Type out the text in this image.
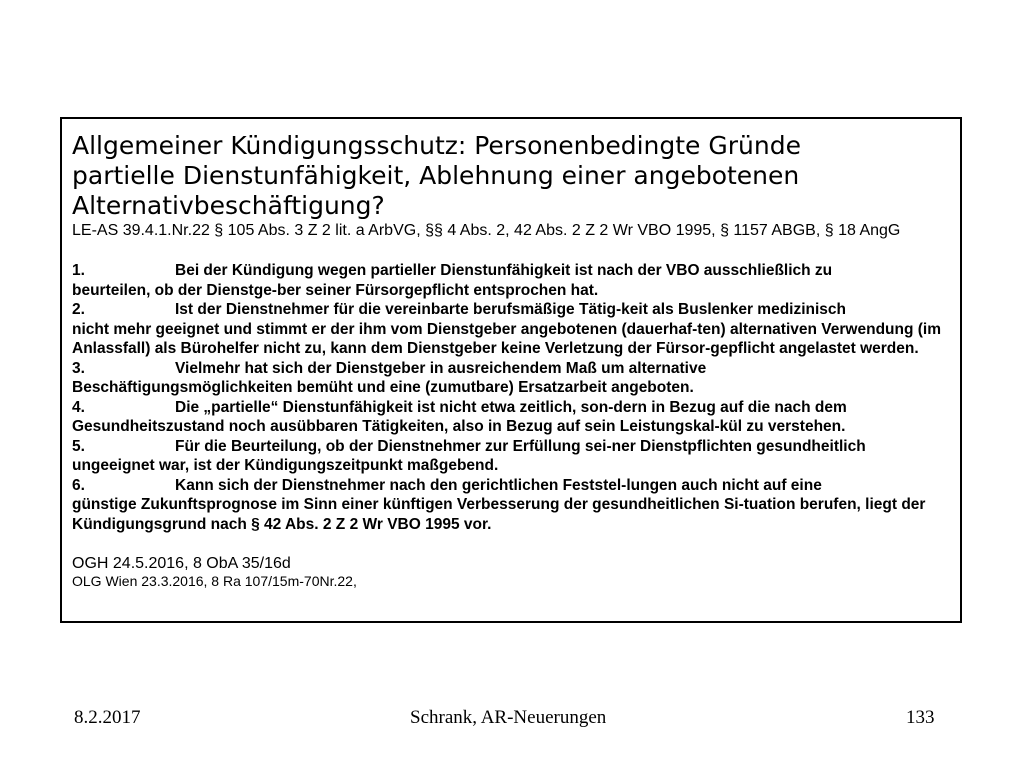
Allgemeiner Kündigungsschutz: Personenbedingte Gründe
partielle Dienstunfähigkeit, Ablehnung einer angebotenen
Alternativbeschäftigung?
LE-AS 39.4.1.Nr.22 § 105 Abs. 3 Z 2 lit. a ArbVG, §§ 4 Abs. 2, 42 Abs. 2 Z 2 Wr VBO 1995, § 1157 ABGB, § 18 AngG
1.	Bei der Kündigung wegen partieller Dienstunfähigkeit ist nach der VBO ausschließlich zu
beurteilen, ob der Dienstge-ber seiner Fürsorgepflicht entsprochen hat.
2.	Ist der Dienstnehmer für die vereinbarte berufsmäßige Tätig-keit als Buslenker medizinisch
nicht mehr geeignet und stimmt er der ihm vom Dienstgeber angebotenen (dauerhaf-ten) alternativen Verwendung (im Anlassfall) als Bürohelfer nicht zu, kann dem Dienstgeber keine Verletzung der Fürsor-gepflicht angelastet werden.
3.	Vielmehr hat sich der Dienstgeber in ausreichendem Maß um alternative
Beschäftigungsmöglichkeiten bemüht und eine (zumutbare) Ersatzarbeit angeboten.
4.	Die „partielle“ Dienstunfähigkeit ist nicht etwa zeitlich, son-dern in Bezug auf die nach dem
Gesundheitszustand noch ausübbaren Tätigkeiten, also in Bezug auf sein Leistungskal-kül zu verstehen.
5.	Für die Beurteilung, ob der Dienstnehmer zur Erfüllung sei-ner Dienstpflichten gesundheitlich
ungeeignet war, ist der Kündigungszeitpunkt maßgebend.
6.	Kann sich der Dienstnehmer nach den gerichtlichen Feststel-lungen auch nicht auf eine
günstige Zukunftsprognose im Sinn einer künftigen Verbesserung der gesundheitlichen Si-tuation berufen, liegt der Kündigungsgrund nach § 42 Abs. 2 Z 2 Wr VBO 1995 vor.
OGH 24.5.2016, 8 ObA 35/16d
OLG Wien 23.3.2016, 8 Ra 107/15m-70Nr.22,
8.2.2017	Schrank, AR-Neuerungen	133
